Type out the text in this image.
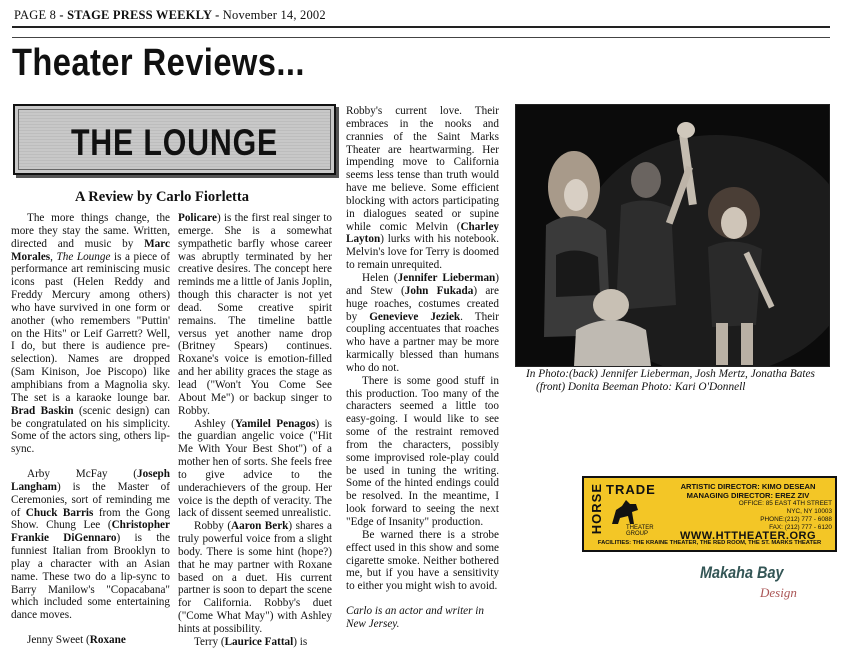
PAGE 8 - STAGE PRESS WEEKLY - November 14, 2002
Theater Reviews...
THE LOUNGE
A Review by Carlo Fiorletta

The more things change, the more they stay the same. Written, directed and music by Marc Morales, The Lounge is a piece of performance art reminiscing music icons past (Helen Reddy and Freddy Mercury among others) who have survived in one form or another (who remembers "Puttin' on the Hits" or Leif Garrett? Well, I do, but there is audience pre-selection). Names are dropped (Sam Kinison, Joe Piscopo) like amphibians from a Magnolia sky. The set is a karaoke lounge bar. Brad Baskin (scenic design) can be congratulated on his simplicity. Some of the actors sing, others lip-sync.

Arby McFay (Joseph Langham) is the Master of Ceremonies, sort of reminding me of Chuck Barris from the Gong Show. Chung Lee (Christopher Frankie DiGennaro) is the funniest Italian from Brooklyn to play a character with an Asian name. These two do a lip-sync to Barry Manilow's "Copacabana" which included some entertaining dance moves.

Jenny Sweet (Roxane

Policare) is the first real singer to emerge. She is a somewhat sympathetic barfly whose career was abruptly terminated by her creative desires. The concept here reminds me a little of Janis Joplin, though this character is not yet dead. Some creative spirit remains. The timeline battle versus yet another name drop (Britney Spears) continues. Roxane's voice is emotion-filled and her ability graces the stage as lead ("Won't You Come See About Me") or backup singer to Robby.

Ashley (Yamilel Penagos) is the guardian angelic voice ("Hit Me With Your Best Shot") of a mother hen of sorts. She feels free to give advice to the underachievers of the group. Her voice is the depth of veracity. The lack of dissent seemed unrealistic.

Robby (Aaron Berk) shares a truly powerful voice from a slight body. There is some hint (hope?) that he may partner with Roxane based on a duet. His current partner is soon to depart the scene for California. Robby's duet ("Come What May") with Ashley hints at possibility.

Terry (Laurice Fattal) is

Robby's current love. Their embraces in the nooks and crannies of the Saint Marks Theater are heartwarming. Her impending move to California seems less tense than truth would have me believe. Some efficient blocking with actors participating in dialogues seated or supine while comic Melvin (Charley Layton) lurks with his notebook. Melvin's love for Terry is doomed to remain unrequited.

Helen (Jennifer Lieberman) and Stew (John Fukada) are huge roaches, costumes created by Genevieve Jeziek. Their coupling accentuates that roaches who have a partner may be more karmically blessed than humans who do not.

There is some good stuff in this production. Too many of the characters seemed a little too easy-going. I would like to see some of the restraint removed from the characters, possibly some improvised role-play could be used in tuning the writing. Some of the hinted endings could be resolved. In the meantime, I look forward to seeing the next "Edge of Insanity" production.

Be warned there is a strobe effect used in this show and some cigarette smoke. Neither bothered me, but if you have a sensitivity to either you might wish to avoid.

Carlo is an actor and writer in New Jersey.

In Photo:(back) Jennifer Lieberman, Josh Mertz, Jonatha Bates
(front) Donita Beeman Photo: Kari O'Donnell
HORSE TRADE
THEATER GROUP
ARTISTIC DIRECTOR: KIMO DESEAN
MANAGING DIRECTOR: EREZ ZIV
OFFICE: 85 EAST 4TH STREET
NYC, NY 10003
PHONE:(212) 777 - 6088
FAX: (212) 777 - 6120
WWW.HTTHEATER.ORG
FACILITIES: THE KRAINE THEATER, THE RED ROOM, THE ST. MARKS THEATER
Makaha Bay
Design
